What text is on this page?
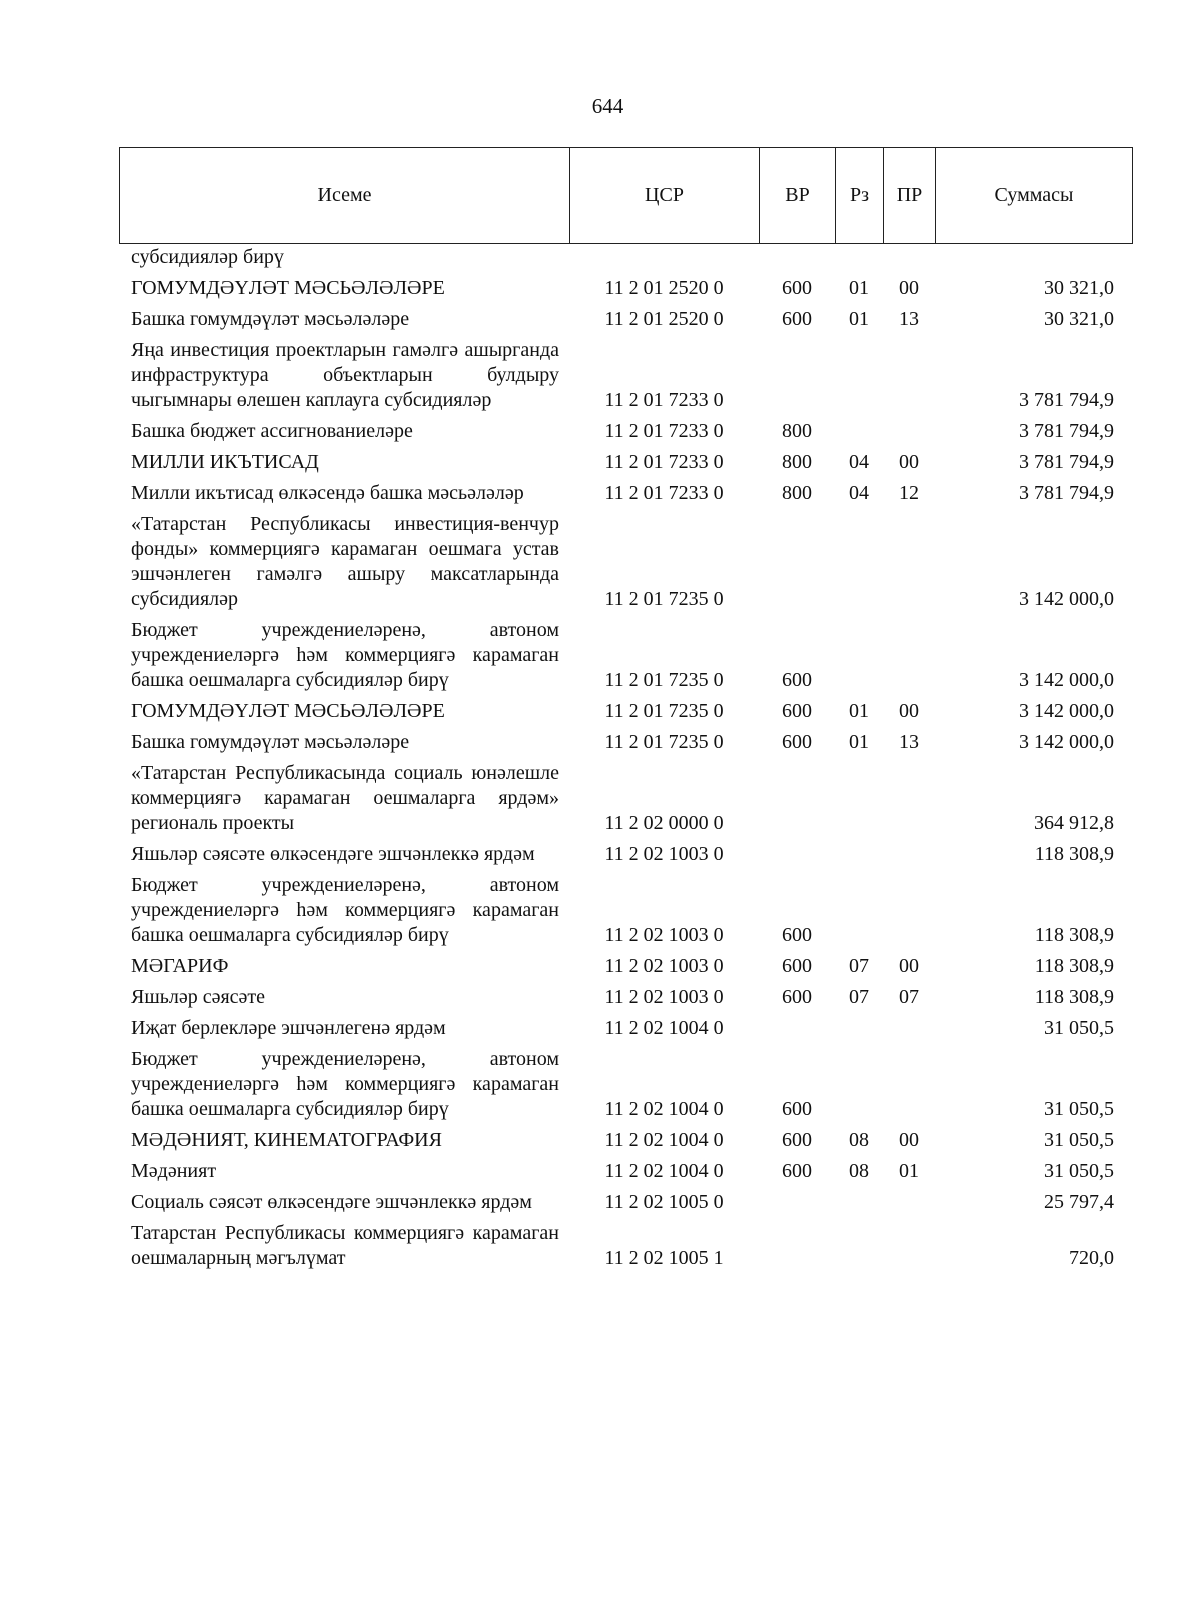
644
Исеме	ЦСР	ВР	Рз	ПР	Суммасы
субсидияләр бирү					
ГОМУМДӘҮЛӘТ МӘСЬӘЛӘЛӘРЕ	11 2 01 2520 0	600	01	00	30 321,0
Башка гомумдәүләт мәсьәләләре	11 2 01 2520 0	600	01	13	30 321,0
Яңа инвестиция проектларын гамәлгә ашырганда инфраструктура объектларын булдыру чыгымнары өлешен каплауга субсидияләр	11 2 01 7233 0				3 781 794,9
Башка бюджет ассигнованиеләре	11 2 01 7233 0	800			3 781 794,9
МИЛЛИ ИКЪТИСАД	11 2 01 7233 0	800	04	00	3 781 794,9
Милли икътисад өлкәсендә башка мәсьәләләр	11 2 01 7233 0	800	04	12	3 781 794,9
«Татарстан Республикасы инвестиция-венчур фонды» коммерциягә карамаган оешмага устав эшчәнлеген гамәлгә ашыру максатларында субсидияләр	11 2 01 7235 0				3 142 000,0
Бюджет учреждениеләренә, автоном учреждениеләргә һәм коммерциягә карамаган башка оешмаларга субсидияләр бирү	11 2 01 7235 0	600			3 142 000,0
ГОМУМДӘҮЛӘТ МӘСЬӘЛӘЛӘРЕ	11 2 01 7235 0	600	01	00	3 142 000,0
Башка гомумдәүләт мәсьәләләре	11 2 01 7235 0	600	01	13	3 142 000,0
«Татарстан Республикасында социаль юнәлешле коммерциягә карамаган оешмаларга ярдәм» региональ проекты	11 2 02 0000 0				364 912,8
Яшьләр сәясәте өлкәсендәге эшчәнлеккә ярдәм	11 2 02 1003 0				118 308,9
Бюджет учреждениеләренә, автоном учреждениеләргә һәм коммерциягә карамаган башка оешмаларга субсидияләр бирү	11 2 02 1003 0	600			118 308,9
МӘГАРИФ	11 2 02 1003 0	600	07	00	118 308,9
Яшьләр сәясәте	11 2 02 1003 0	600	07	07	118 308,9
Иҗат берлекләре эшчәнлегенә ярдәм	11 2 02 1004 0				31 050,5
Бюджет учреждениеләренә, автоном учреждениеләргә һәм коммерциягә карамаган башка оешмаларга субсидияләр бирү	11 2 02 1004 0	600			31 050,5
МӘДӘНИЯТ, КИНЕМАТОГРАФИЯ	11 2 02 1004 0	600	08	00	31 050,5
Мәдәният	11 2 02 1004 0	600	08	01	31 050,5
Социаль сәясәт өлкәсендәге эшчәнлеккә ярдәм	11 2 02 1005 0				25 797,4
Татарстан Республикасы коммерциягә карамаган оешмаларның мәгълүмат	11 2 02 1005 1				720,0
